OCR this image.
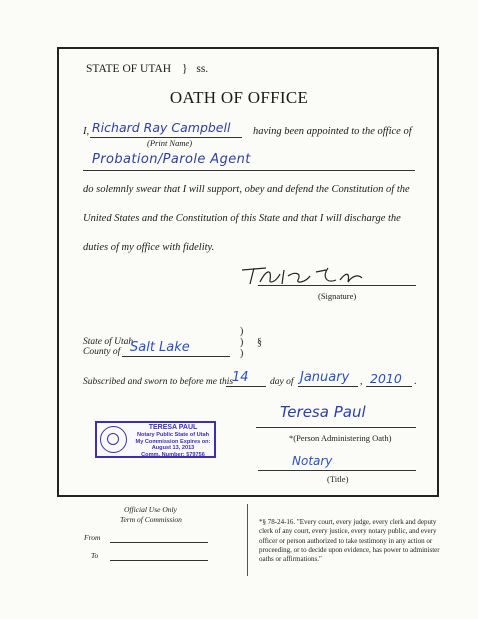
STATE OF UTAH } ss.
OATH OF OFFICE
I, Richard Ray Campbell having been appointed to the office of
(Print Name)
Probation/Parole Agent
do solemnly swear that I will support, obey and defend the Constitution of the
United States and the Constitution of this State and that I will discharge the
duties of my office with fidelity.
(Signature)
State of Utah
County of Salt Lake
)
)
)
§
Subscribed and sworn to before me this
14 day of January , 2010 .
TERESA PAUL
Notary Public State of Utah
My Commission Expires on:
August 13, 2013
Comm. Number: 579756
Teresa Paul
*(Person Administering Oath)
Notary
(Title)
Official Use Only
Term of Commission
From
To
*§ 78-24-16. "Every court, every judge, every clerk and deputy clerk of any court, every justice, every notary public, and every officer or person authorized to take testimony in any action or proceeding, or to decide upon evidence, has power to administer oaths or affirmations."
